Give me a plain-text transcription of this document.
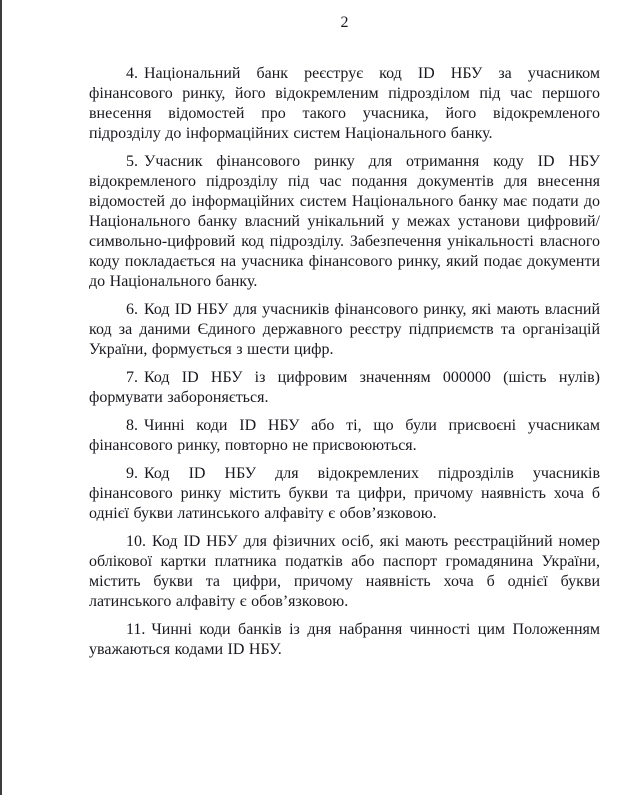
2

4. Національний банк реєструє код ID НБУ за учасником фінансового ринку, його відокремленим підрозділом під час першого внесення відомостей про такого учасника, його відокремленого підрозділу до інформаційних систем Національного банку.

5. Учасник фінансового ринку для отримання коду ID НБУ відокремленого підрозділу під час подання документів для внесення відомостей до інформаційних систем Національного банку має подати до Національного банку власний унікальний у межах установи цифровий/символьно-цифровий код підрозділу. Забезпечення унікальності власного коду покладається на учасника фінансового ринку, який подає документи до Національного банку.

6. Код ID НБУ для учасників фінансового ринку, які мають власний код за даними Єдиного державного реєстру підприємств та організацій України, формується з шести цифр.

7. Код ID НБУ із цифровим значенням 000000 (шість нулів) формувати забороняється.

8. Чинні коди ID НБУ або ті, що були присвоєні учасникам фінансового ринку, повторно не присвоюються.

9. Код ID НБУ для відокремлених підрозділів учасників фінансового ринку містить букви та цифри, причому наявність хоча б однієї букви латинського алфавіту є обов’язковою.

10. Код ID НБУ для фізичних осіб, які мають реєстраційний номер облікової картки платника податків або паспорт громадянина України, містить букви та цифри, причому наявність хоча б однієї букви латинського алфавіту є обов’язковою.

11. Чинні коди банків із дня набрання чинності цим Положенням уважаються кодами ID НБУ.
